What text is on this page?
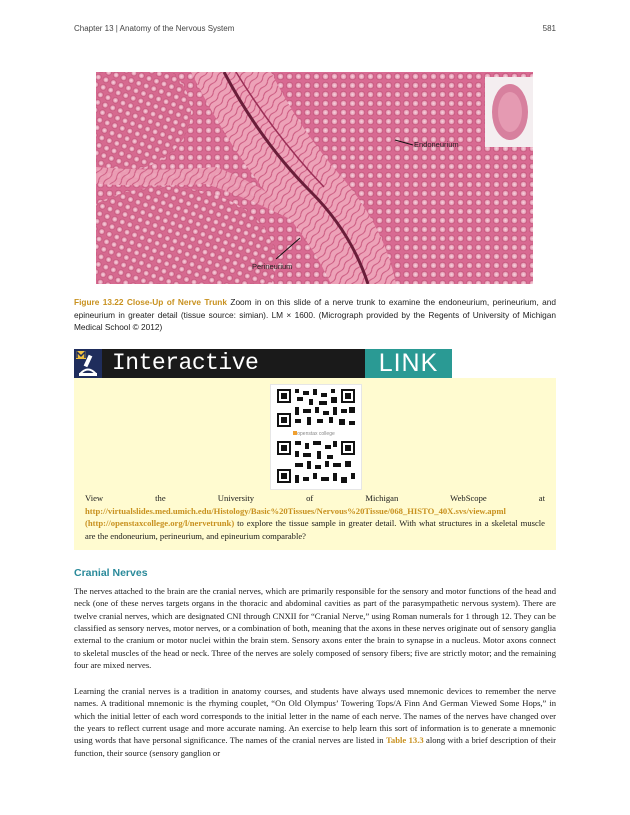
Chapter 13 | Anatomy of the Nervous System	581
Endoneurium
Perineurium
Figure 13.22 Close-Up of Nerve Trunk Zoom in on this slide of a nerve trunk to examine the endoneurium, perineurium, and epineurium in greater detail (tissue source: simian). LM × 1600. (Micrograph provided by the Regents of University of Michigan Medical School © 2012)
Interactive	LINK
openstax college
View the University of Michigan WebScope at http://virtualslides.med.umich.edu/Histology/Basic%20Tissues/Nervous%20Tissue/068_HISTO_40X.svs/view.apml (http://openstaxcollege.org/l/nervetrunk) to explore the tissue sample in greater detail. With what structures in a skeletal muscle are the endoneurium, perineurium, and epineurium comparable?
Cranial Nerves

The nerves attached to the brain are the cranial nerves, which are primarily responsible for the sensory and motor functions of the head and neck (one of these nerves targets organs in the thoracic and abdominal cavities as part of the parasympathetic nervous system). There are twelve cranial nerves, which are designated CNI through CNXII for “Cranial Nerve,” using Roman numerals for 1 through 12. They can be classified as sensory nerves, motor nerves, or a combination of both, meaning that the axons in these nerves originate out of sensory ganglia external to the cranium or motor nuclei within the brain stem. Sensory axons enter the brain to synapse in a nucleus. Motor axons connect to skeletal muscles of the head or neck. Three of the nerves are solely composed of sensory fibers; five are strictly motor; and the remaining four are mixed nerves.

Learning the cranial nerves is a tradition in anatomy courses, and students have always used mnemonic devices to remember the nerve names. A traditional mnemonic is the rhyming couplet, “On Old Olympus’ Towering Tops/A Finn And German Viewed Some Hops,” in which the initial letter of each word corresponds to the initial letter in the name of each nerve. The names of the nerves have changed over the years to reflect current usage and more accurate naming. An exercise to help learn this sort of information is to generate a mnemonic using words that have personal significance. The names of the cranial nerves are listed in Table 13.3 along with a brief description of their function, their source (sensory ganglion or
